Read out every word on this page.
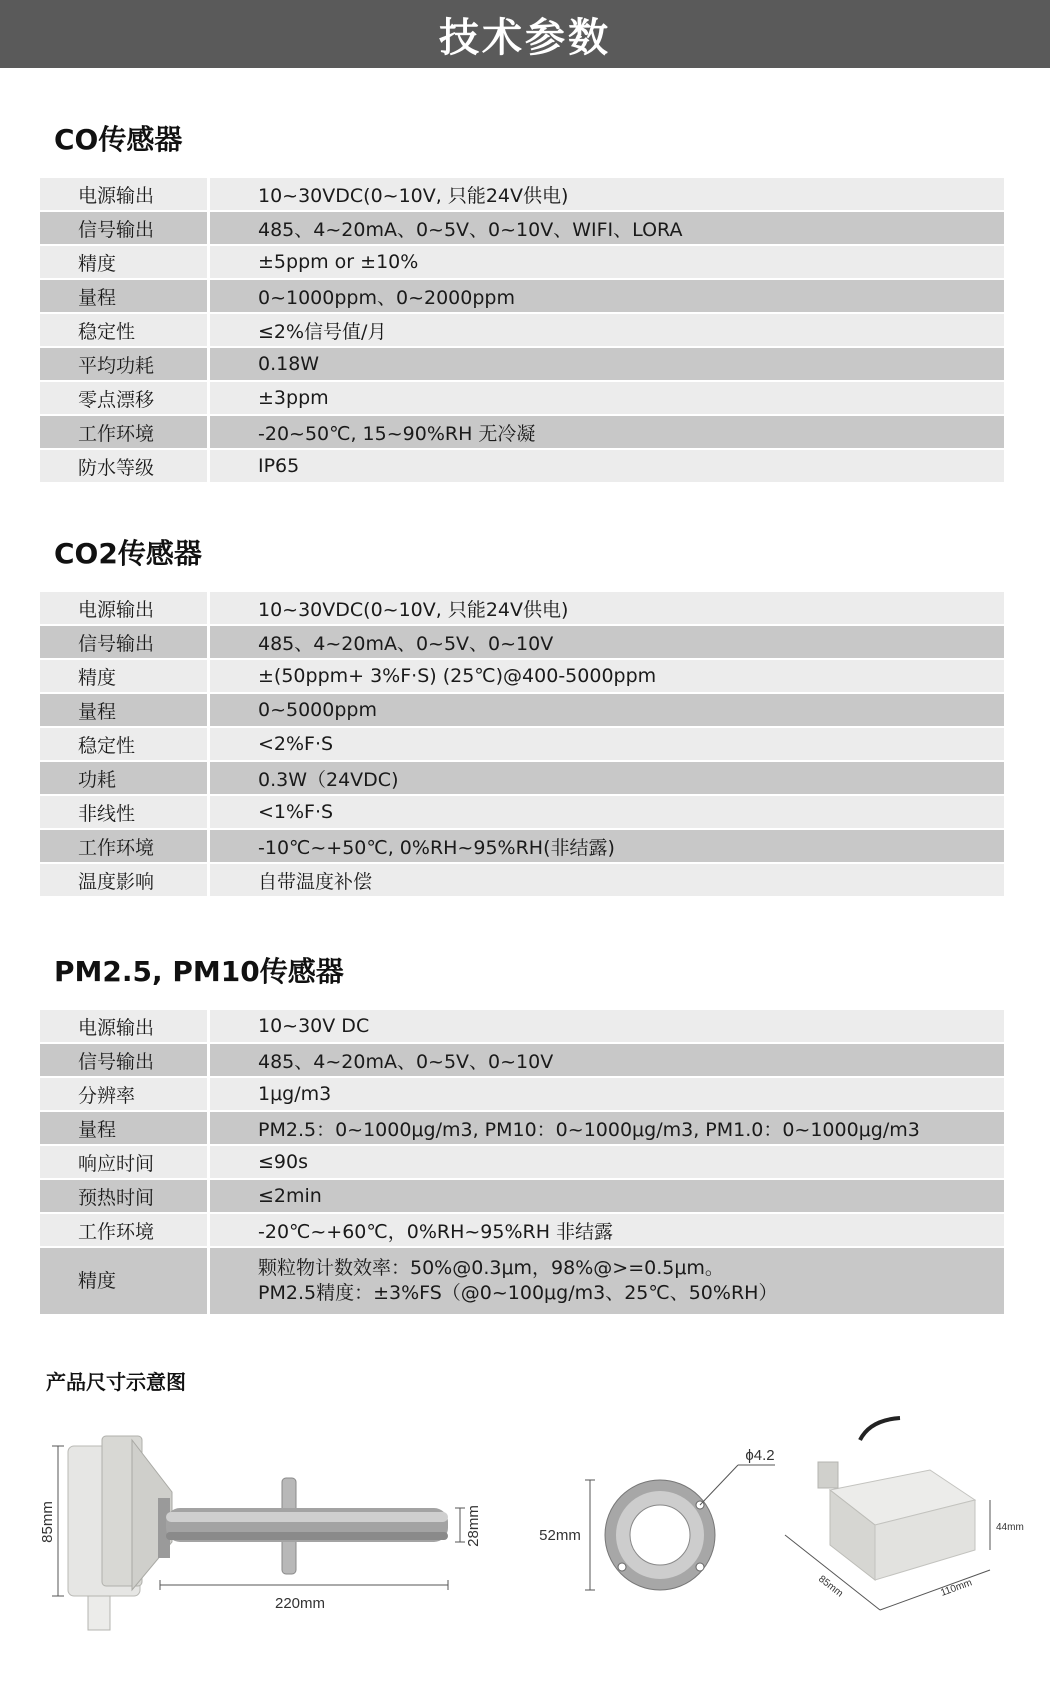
技术参数
CO传感器
电源输出	10~30VDC(0~10V, 只能24V供电)
信号输出	485、4~20mA、0~5V、0~10V、WIFI、LORA
精度	±5ppm or ±10%
量程	0~1000ppm、0~2000ppm
稳定性	≤2%信号值/月
平均功耗	0.18W
零点漂移	±3ppm
工作环境	-20~50℃, 15~90%RH 无冷凝
防水等级	IP65
CO2传感器
电源输出	10~30VDC(0~10V, 只能24V供电)
信号输出	485、4~20mA、0~5V、0~10V
精度	±(50ppm+ 3%F·S) (25℃)@400-5000ppm
量程	0~5000ppm
稳定性	<2%F·S
功耗	0.3W（24VDC)
非线性	<1%F·S
工作环境	-10℃~+50℃, 0%RH~95%RH(非结露)
温度影响	自带温度补偿
PM2.5, PM10传感器
电源输出	10~30V DC
信号输出	485、4~20mA、0~5V、0~10V
分辨率	1μg/m3
量程	PM2.5：0~1000μg/m3, PM10：0~1000μg/m3, PM1.0：0~1000μg/m3
响应时间	≤90s
预热时间	≤2min
工作环境	-20℃~+60℃，0%RH~95%RH 非结露
精度	颗粒物计数效率：50%@0.3μm，98%@>=0.5μm。
PM2.5精度：±3%FS（@0~100μg/m3、25℃、50%RH）
产品尺寸示意图
85mm
220mm
28mm	52mm
ϕ4.2
85mm	110mm
44mm
